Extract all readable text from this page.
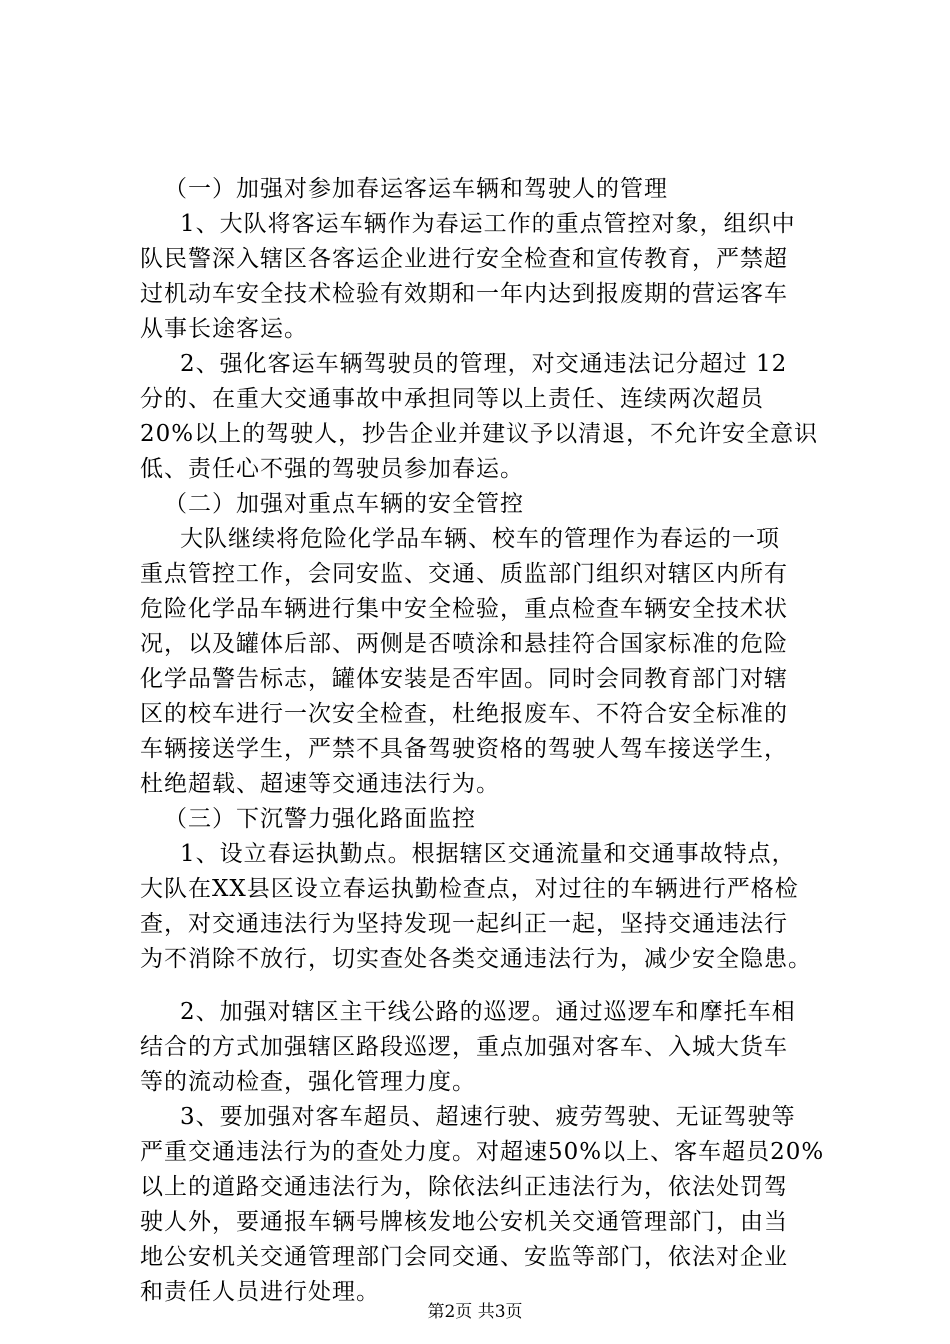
（一）加强对参加春运客运车辆和驾驶人的管理
1、大队将客运车辆作为春运工作的重点管控对象，组织中
队民警深入辖区各客运企业进行安全检查和宣传教育，严禁超
过机动车安全技术检验有效期和一年内达到报废期的营运客车
从事长途客运。
2、强化客运车辆驾驶员的管理，对交通违法记分超过 12
分的、在重大交通事故中承担同等以上责任、连续两次超员
20%以上的驾驶人，抄告企业并建议予以清退，不允许安全意识
低、责任心不强的驾驶员参加春运。
（二）加强对重点车辆的安全管控
大队继续将危险化学品车辆、校车的管理作为春运的一项
重点管控工作，会同安监、交通、质监部门组织对辖区内所有
危险化学品车辆进行集中安全检验，重点检查车辆安全技术状
况，以及罐体后部、两侧是否喷涂和悬挂符合国家标准的危险
化学品警告标志，罐体安装是否牢固。同时会同教育部门对辖
区的校车进行一次安全检查，杜绝报废车、不符合安全标准的
车辆接送学生，严禁不具备驾驶资格的驾驶人驾车接送学生，
杜绝超载、超速等交通违法行为。
（三）下沉警力强化路面监控
1、设立春运执勤点。根据辖区交通流量和交通事故特点，
大队在XX县区设立春运执勤检查点，对过往的车辆进行严格检
查，对交通违法行为坚持发现一起纠正一起，坚持交通违法行
为不消除不放行，切实查处各类交通违法行为，减少安全隐患。
2、加强对辖区主干线公路的巡逻。通过巡逻车和摩托车相
结合的方式加强辖区路段巡逻，重点加强对客车、入城大货车
等的流动检查，强化管理力度。
3、要加强对客车超员、超速行驶、疲劳驾驶、无证驾驶等
严重交通违法行为的查处力度。对超速50%以上、客车超员20%
以上的道路交通违法行为，除依法纠正违法行为，依法处罚驾
驶人外，要通报车辆号牌核发地公安机关交通管理部门，由当
地公安机关交通管理部门会同交通、安监等部门，依法对企业
和责任人员进行处理。
第2页 共3页
